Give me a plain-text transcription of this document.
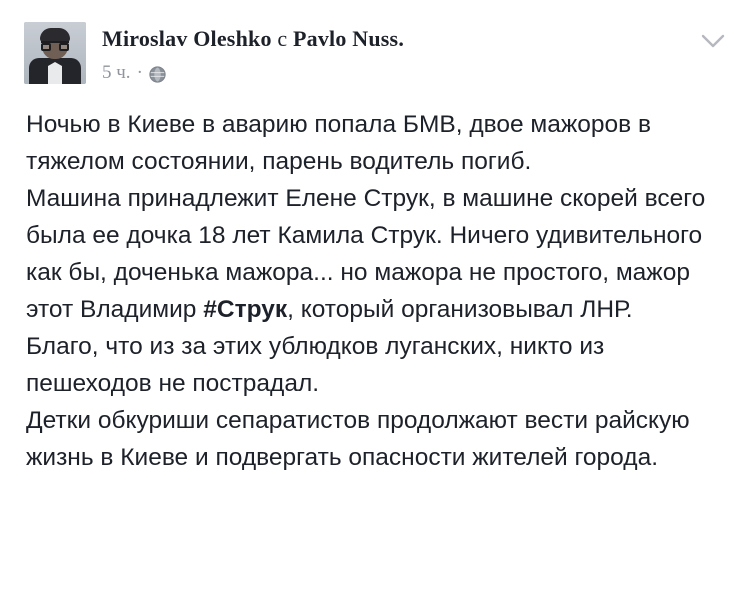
Miroslav Oleshko с Pavlo Nuss.
5 ч. ·

Ночью в Киеве в аварию попала БМВ, двое мажоров в тяжелом состоянии, парень водитель погиб.

Машина принадлежит Елене Струк, в машине скорей всего была ее дочка 18 лет Камила Струк. Ничего удивительного как бы, доченька мажора... но мажора не простого, мажор этот Владимир #Струк, который организовывал ЛНР.

Благо, что из за этих ублюдков луганских, никто из пешеходов не пострадал.

Детки обкуриши сепаратистов продолжают вести райскую жизнь в Киеве и подвергать опасности жителей города.
